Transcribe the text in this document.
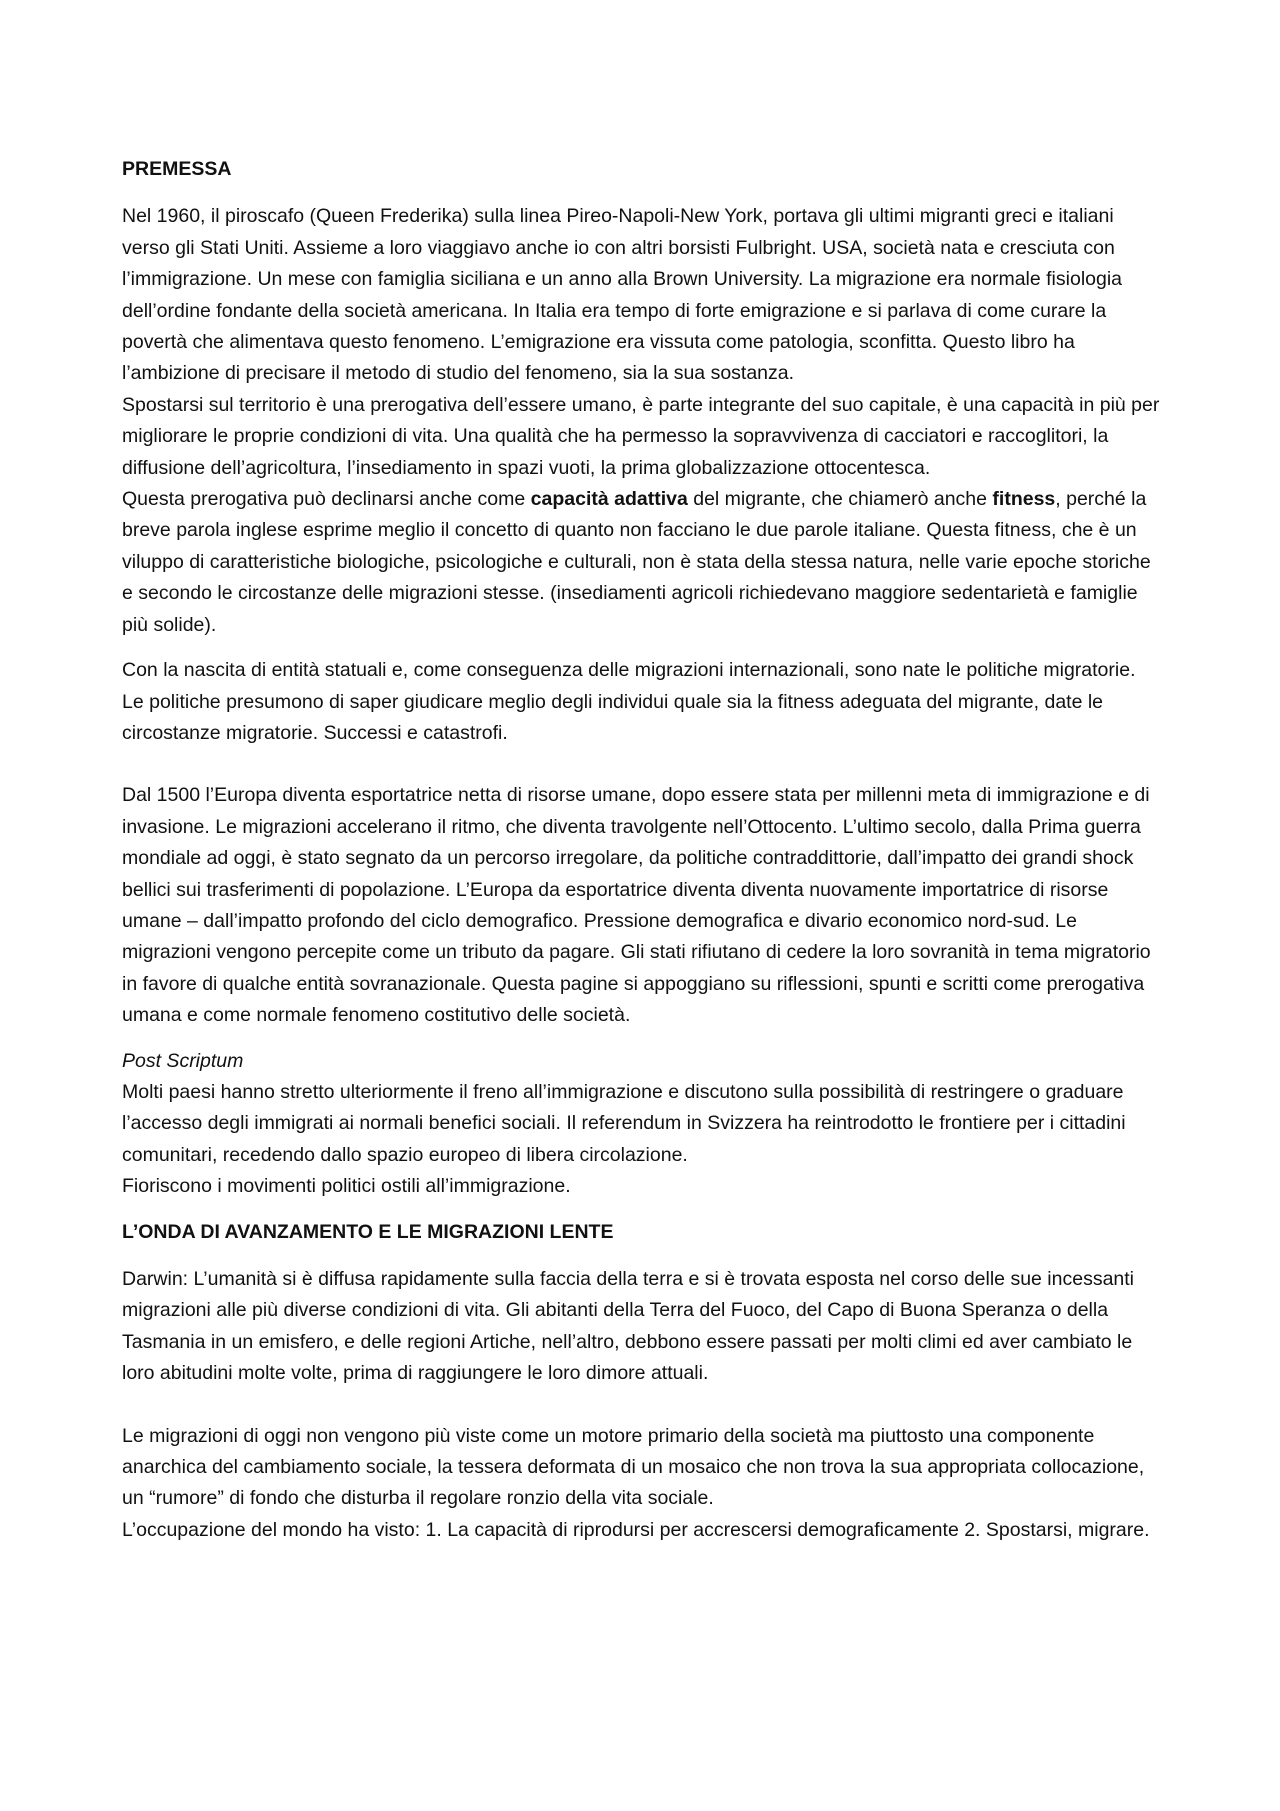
PREMESSA

Nel 1960, il piroscafo (Queen Frederika) sulla linea Pireo-Napoli-New York, portava gli ultimi migranti greci e italiani verso gli Stati Uniti. Assieme a loro viaggiavo anche io con altri borsisti Fulbright. USA, società nata e cresciuta con l’immigrazione. Un mese con famiglia siciliana e un anno alla Brown University. La migrazione era normale fisiologia dell’ordine fondante della società americana. In Italia era tempo di forte emigrazione e si parlava di come curare la povertà che alimentava questo fenomeno. L’emigrazione era vissuta come patologia, sconfitta. Questo libro ha l’ambizione di precisare il metodo di studio del fenomeno, sia la sua sostanza.

Spostarsi sul territorio è una prerogativa dell’essere umano, è parte integrante del suo capitale, è una capacità in più per migliorare le proprie condizioni di vita. Una qualità che ha permesso la sopravvivenza di cacciatori e raccoglitori, la diffusione dell’agricoltura, l’insediamento in spazi vuoti, la prima globalizzazione ottocentesca.

Questa prerogativa può declinarsi anche come capacità adattiva del migrante, che chiamerò anche fitness, perché la breve parola inglese esprime meglio il concetto di quanto non facciano le due parole italiane. Questa fitness, che è un viluppo di caratteristiche biologiche, psicologiche e culturali, non è stata della stessa natura, nelle varie epoche storiche e secondo le circostanze delle migrazioni stesse. (insediamenti agricoli richiedevano maggiore sedentarietà e famiglie più solide).

Con la nascita di entità statuali e, come conseguenza delle migrazioni internazionali, sono nate le politiche migratorie. Le politiche presumono di saper giudicare meglio degli individui quale sia la fitness adeguata del migrante, date le circostanze migratorie. Successi e catastrofi.

Dal 1500 l’Europa diventa esportatrice netta di risorse umane, dopo essere stata per millenni meta di immigrazione e di invasione. Le migrazioni accelerano il ritmo, che diventa travolgente nell’Ottocento. L’ultimo secolo, dalla Prima guerra mondiale ad oggi, è stato segnato da un percorso irregolare, da politiche contraddittorie, dall’impatto dei grandi shock bellici sui trasferimenti di popolazione. L’Europa da esportatrice diventa diventa nuovamente importatrice di risorse umane – dall’impatto profondo del ciclo demografico. Pressione demografica e divario economico nord-sud. Le migrazioni vengono percepite come un tributo da pagare. Gli stati rifiutano di cedere la loro sovranità in tema migratorio in favore di qualche entità sovranazionale. Questa pagine si appoggiano su riflessioni, spunti e scritti come prerogativa umana e come normale fenomeno costitutivo delle società.

Post Scriptum

Molti paesi hanno stretto ulteriormente il freno all’immigrazione e discutono sulla possibilità di restringere o graduare l’accesso degli immigrati ai normali benefici sociali. Il referendum in Svizzera ha reintrodotto le frontiere per i cittadini comunitari, recedendo dallo spazio europeo di libera circolazione.

Fioriscono i movimenti politici ostili all’immigrazione.

L’ONDA DI AVANZAMENTO E LE MIGRAZIONI LENTE

Darwin: L’umanità si è diffusa rapidamente sulla faccia della terra e si è trovata esposta nel corso delle sue incessanti migrazioni alle più diverse condizioni di vita. Gli abitanti della Terra del Fuoco, del Capo di Buona Speranza o della Tasmania in un emisfero, e delle regioni Artiche, nell’altro, debbono essere passati per molti climi ed aver cambiato le loro abitudini molte volte, prima di raggiungere le loro dimore attuali.

Le migrazioni di oggi non vengono più viste come un motore primario della società ma piuttosto una componente anarchica del cambiamento sociale, la tessera deformata di un mosaico che non trova la sua appropriata collocazione, un “rumore” di fondo che disturba il regolare ronzio della vita sociale.

L’occupazione del mondo ha visto: 1. La capacità di riprodursi per accrescersi demograficamente 2. Spostarsi, migrare.
